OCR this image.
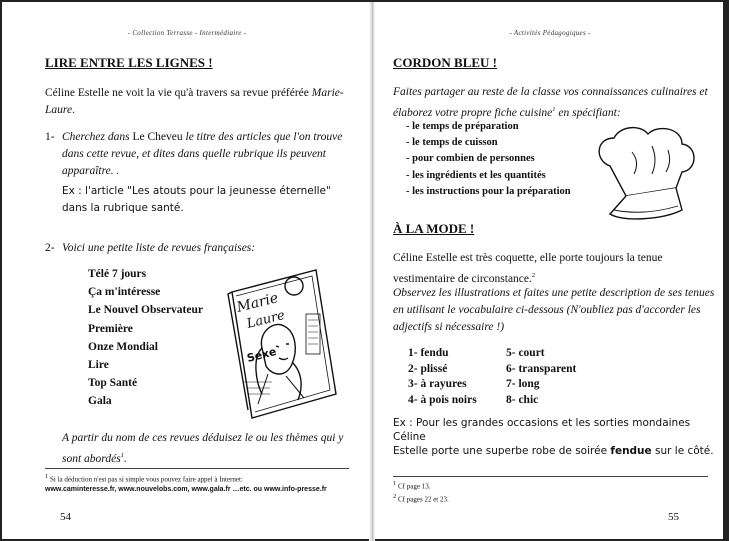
- Collection Terrasse - Intermédiaire -
LIRE ENTRE LES LIGNES !
Céline Estelle ne voit la vie qu'à travers sa revue préférée Marie-Laure.
1- Cherchez dans Le Cheveu le titre des articles que l'on trouve dans cette revue, et dites dans quelle rubrique ils peuvent apparaître. .
Ex : l'article "Les atouts pour la jeunesse éternelle"
dans la rubrique santé.
2- Voici une petite liste de revues françaises:
Télé 7 jours
Ça m'intéresse
Le Nouvel Observateur
Première
Onze Mondial
Lire
Top Santé
Gala
Marie
Laure
Sexe
A partir du nom de ces revues déduisez le ou les thèmes qui y sont abordés$^1$.
$^1$ Si la déduction n'est pas si simple vous pouvez faire appel à Internet:
www.caminteresse.fr, www.nouvelobs.com, www.gala.fr …etc. ou www.info-presse.fr
54
- Activités Pédagogiques -
CORDON BLEU !
Faites partager au reste de la classe vos connaissances culinaires et élaborez votre propre fiche cuisine$^1$ en spécifiant:
- le temps de préparation
- le temps de cuisson
- pour combien de personnes
- les ingrédients et les quantités
- les instructions pour la préparation
À LA MODE !
Céline Estelle est très coquette, elle porte toujours la tenue vestimentaire de circonstance.$^2$
Observez les illustrations et faites une petite description de ses tenues en utilisant le vocabulaire ci-dessous (N'oubliez pas d'accorder les adjectifs si nécessaire !)
1- fendu
2- plissé
3- à rayures
4- à pois noirs
5- court
6- transparent
7- long
8- chic
Ex : Pour les grandes occasions et les sorties mondaines
Céline
Estelle porte une superbe robe de soirée fendue sur le côté.
$^1$ Cf page 13.
$^2$ Cf pages 22 et 23.
55
